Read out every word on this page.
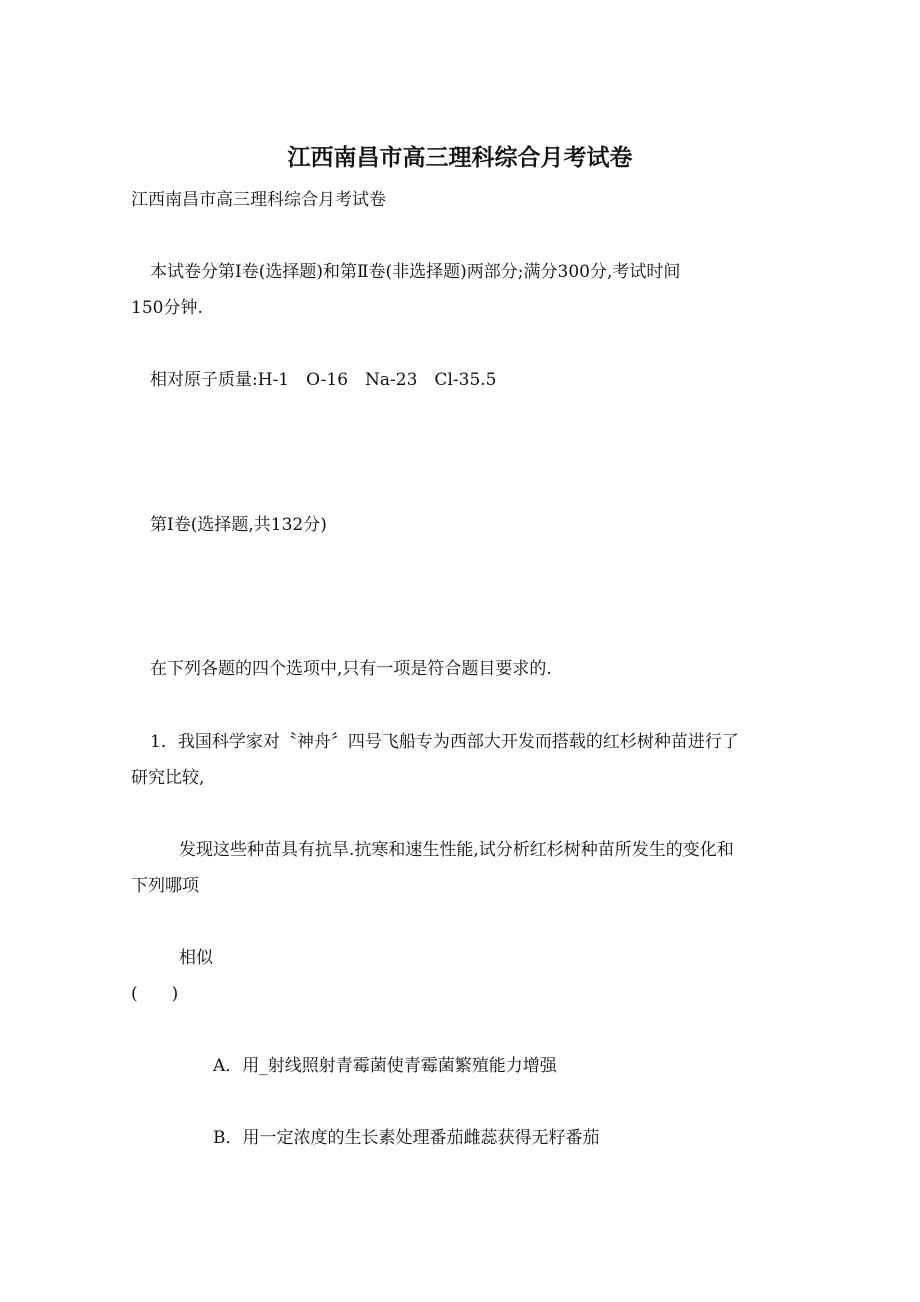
江西南昌市高三理科综合月考试卷
江西南昌市高三理科综合月考试卷
本试卷分第Ⅰ卷(选择题)和第Ⅱ卷(非选择题)两部分;满分300分,考试时间
150分钟.
相对原子质量:H-1　O-16　Na-23　Cl-35.5
第Ⅰ卷(选择题,共132分)
在下列各题的四个选项中,只有一项是符合题目要求的.
1．我国科学家对〝神舟〞四号飞船专为西部大开发而搭载的红杉树种苗进行了
研究比较,
发现这些种苗具有抗旱.抗寒和速生性能,试分析红杉树种苗所发生的变化和
下列哪项
相似
(　　)
A．用_射线照射青霉菌使青霉菌繁殖能力增强
B．用一定浓度的生长素处理番茄雌蕊获得无籽番茄
